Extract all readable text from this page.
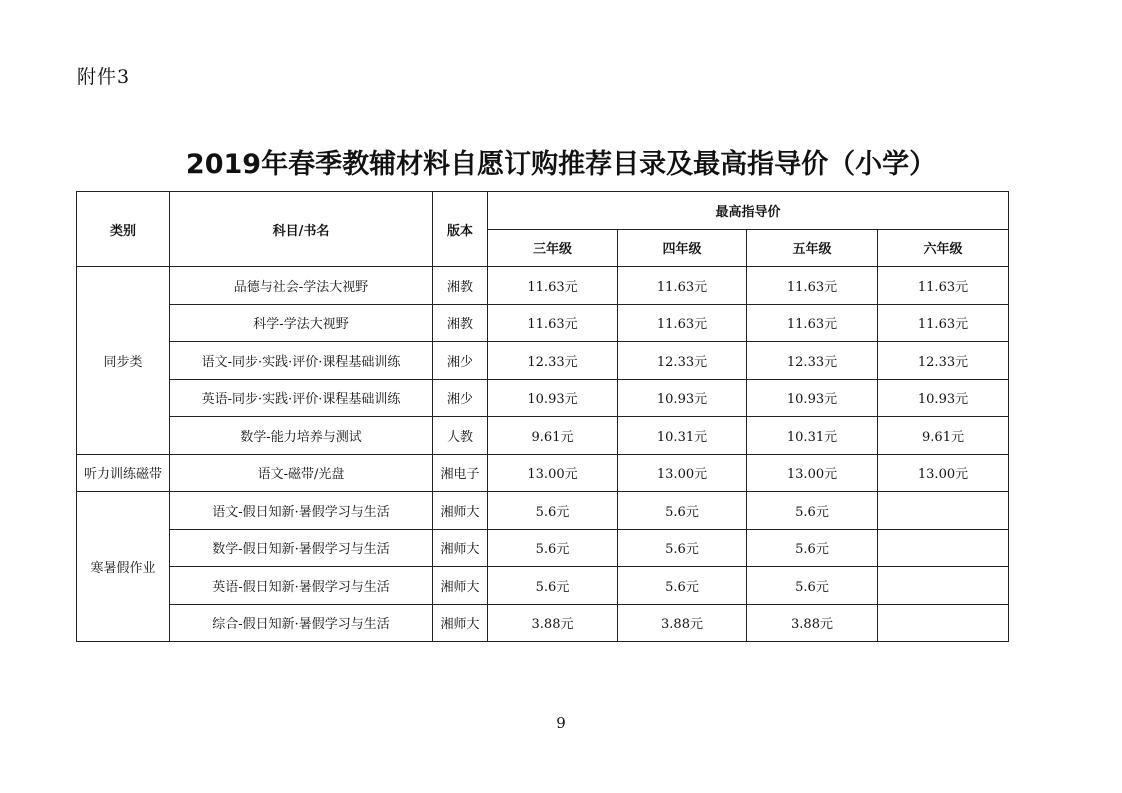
附件3
2019年春季教辅材料自愿订购推荐目录及最高指导价（小学）
类别	科目/书名	版本	最高指导价			
			三年级	四年级	五年级	六年级
同步类	品德与社会-学法大视野	湘教	11.63元	11.63元	11.63元	11.63元
	科学-学法大视野	湘教	11.63元	11.63元	11.63元	11.63元
	语文-同步·实践·评价·课程基础训练	湘少	12.33元	12.33元	12.33元	12.33元
	英语-同步·实践·评价·课程基础训练	湘少	10.93元	10.93元	10.93元	10.93元
	数学-能力培养与测试	人教	9.61元	10.31元	10.31元	9.61元
听力训练磁带	语文-磁带/光盘	湘电子	13.00元	13.00元	13.00元	13.00元
寒暑假作业	语文-假日知新·暑假学习与生活	湘师大	5.6元	5.6元	5.6元	
	数学-假日知新·暑假学习与生活	湘师大	5.6元	5.6元	5.6元	
	英语-假日知新·暑假学习与生活	湘师大	5.6元	5.6元	5.6元	
	综合-假日知新·暑假学习与生活	湘师大	3.88元	3.88元	3.88元	
9
